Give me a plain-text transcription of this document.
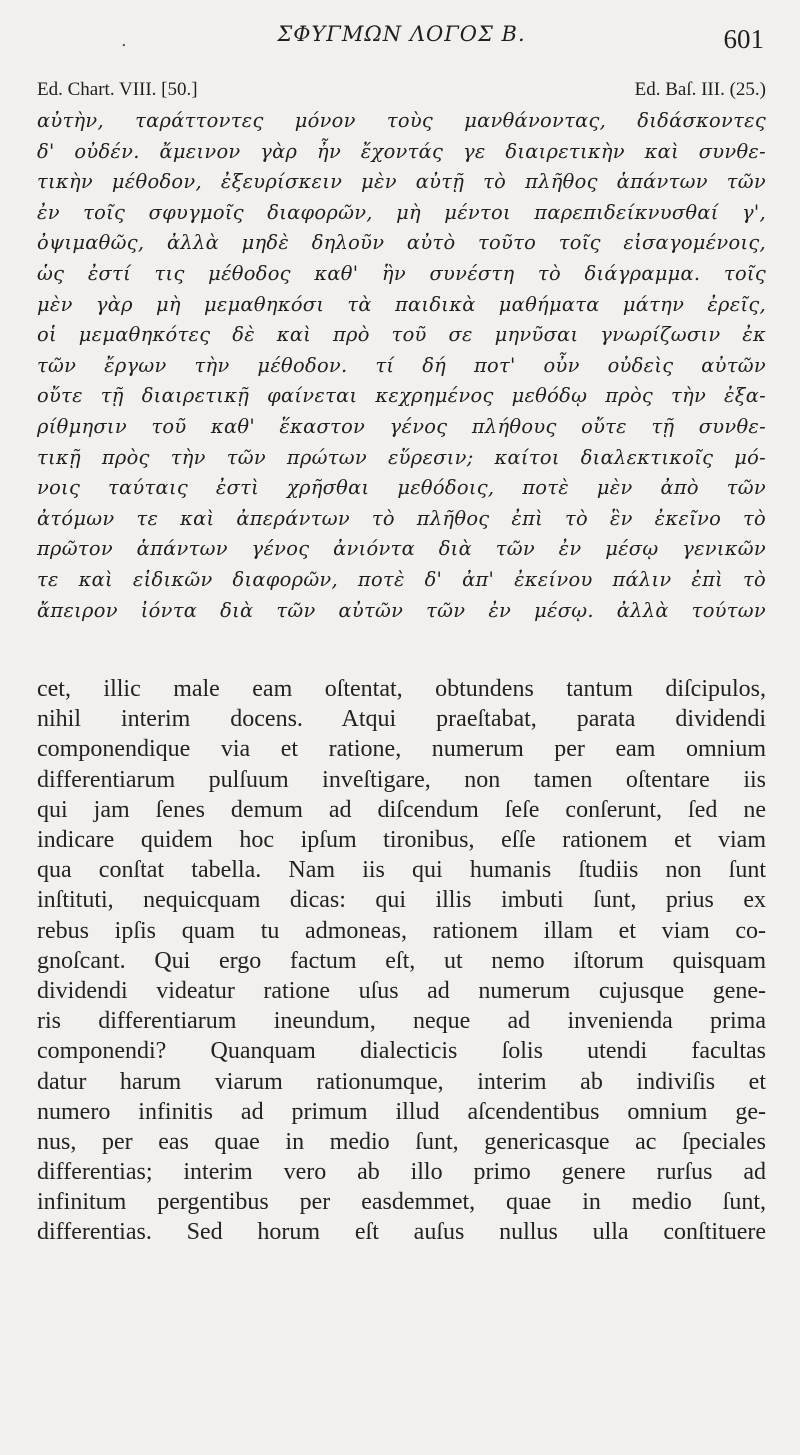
.	ΣΦΥΓΜΩΝ ΛΟΓΟΣ Β.	601
Ed. Chart. VIII. [50.]	Ed. Baſ. III. (25.)
αὐτὴν, ταράττοντες μόνον τοὺς μανθάνοντας, διδάσκοντες
δ' οὐδέν. ἄμεινον γὰρ ἦν ἔχοντάς γε διαιρετικὴν καὶ συνθε-
τικὴν μέθοδον, ἐξευρίσκειν μὲν αὐτῇ τὸ πλῆθος ἁπάντων τῶν
ἐν τοῖς σφυγμοῖς διαφορῶν, μὴ μέντοι παρεπιδείκνυσθαί γ',
ὀψιμαθῶς, ἀλλὰ μηδὲ δηλοῦν αὐτὸ τοῦτο τοῖς εἰσαγομένοις,
ὡς ἐστί τις μέθοδος καθ' ἣν συνέστη τὸ διάγραμμα. τοῖς
μὲν γὰρ μὴ μεμαθηκόσι τὰ παιδικὰ μαθήματα μάτην ἐρεῖς,
οἱ μεμαθηκότες δὲ καὶ πρὸ τοῦ σε μηνῦσαι γνωρίζωσιν ἐκ
τῶν ἔργων τὴν μέθοδον. τί δή ποτ' οὖν οὐδεὶς αὐτῶν
οὔτε τῇ διαιρετικῇ φαίνεται κεχρημένος μεθόδῳ πρὸς τὴν ἐξα-
ρίθμησιν τοῦ καθ' ἕκαστον γένος πλήθους οὔτε τῇ συνθε-
τικῇ πρὸς τὴν τῶν πρώτων εὕρεσιν; καίτοι διαλεκτικοῖς μό-
νοις ταύταις ἐστὶ χρῆσθαι μεθόδοις, ποτὲ μὲν ἀπὸ τῶν
ἀτόμων τε καὶ ἀπεράντων τὸ πλῆθος ἐπὶ τὸ ἓν ἐκεῖνο τὸ
πρῶτον ἁπάντων γένος ἀνιόντα διὰ τῶν ἐν μέσῳ γενικῶν
τε καὶ εἰδικῶν διαφορῶν, ποτὲ δ' ἀπ' ἐκείνου πάλιν ἐπὶ τὸ
ἄπειρον ἰόντα διὰ τῶν αὐτῶν τῶν ἐν μέσῳ. ἀλλὰ τούτων
cet, illic male eam oſtentat, obtundens tantum diſcipulos,
nihil interim docens. Atqui praeſtabat, parata dividendi
componendique via et ratione, numerum per eam omnium
differentiarum pulſuum inveſtigare, non tamen oſtentare iis
qui jam ſenes demum ad diſcendum ſeſe conſerunt, ſed ne
indicare quidem hoc ipſum tironibus, eſſe rationem et viam
qua conſtat tabella. Nam iis qui humanis ſtudiis non ſunt
inſtituti, nequicquam dicas: qui illis imbuti ſunt, prius ex
rebus ipſis quam tu admoneas, rationem illam et viam co-
gnoſcant. Qui ergo factum eſt, ut nemo iſtorum quisquam
dividendi videatur ratione uſus ad numerum cujusque gene-
ris differentiarum ineundum, neque ad invenienda prima
componendi? Quanquam dialecticis ſolis utendi facultas
datur harum viarum rationumque, interim ab indiviſis et
numero infinitis ad primum illud aſcendentibus omnium ge-
nus, per eas quae in medio ſunt, genericasque ac ſpeciales
differentias; interim vero ab illo primo genere rurſus ad
infinitum pergentibus per easdemmet, quae in medio ſunt,
differentias. Sed horum eſt auſus nullus ulla conſtituere
